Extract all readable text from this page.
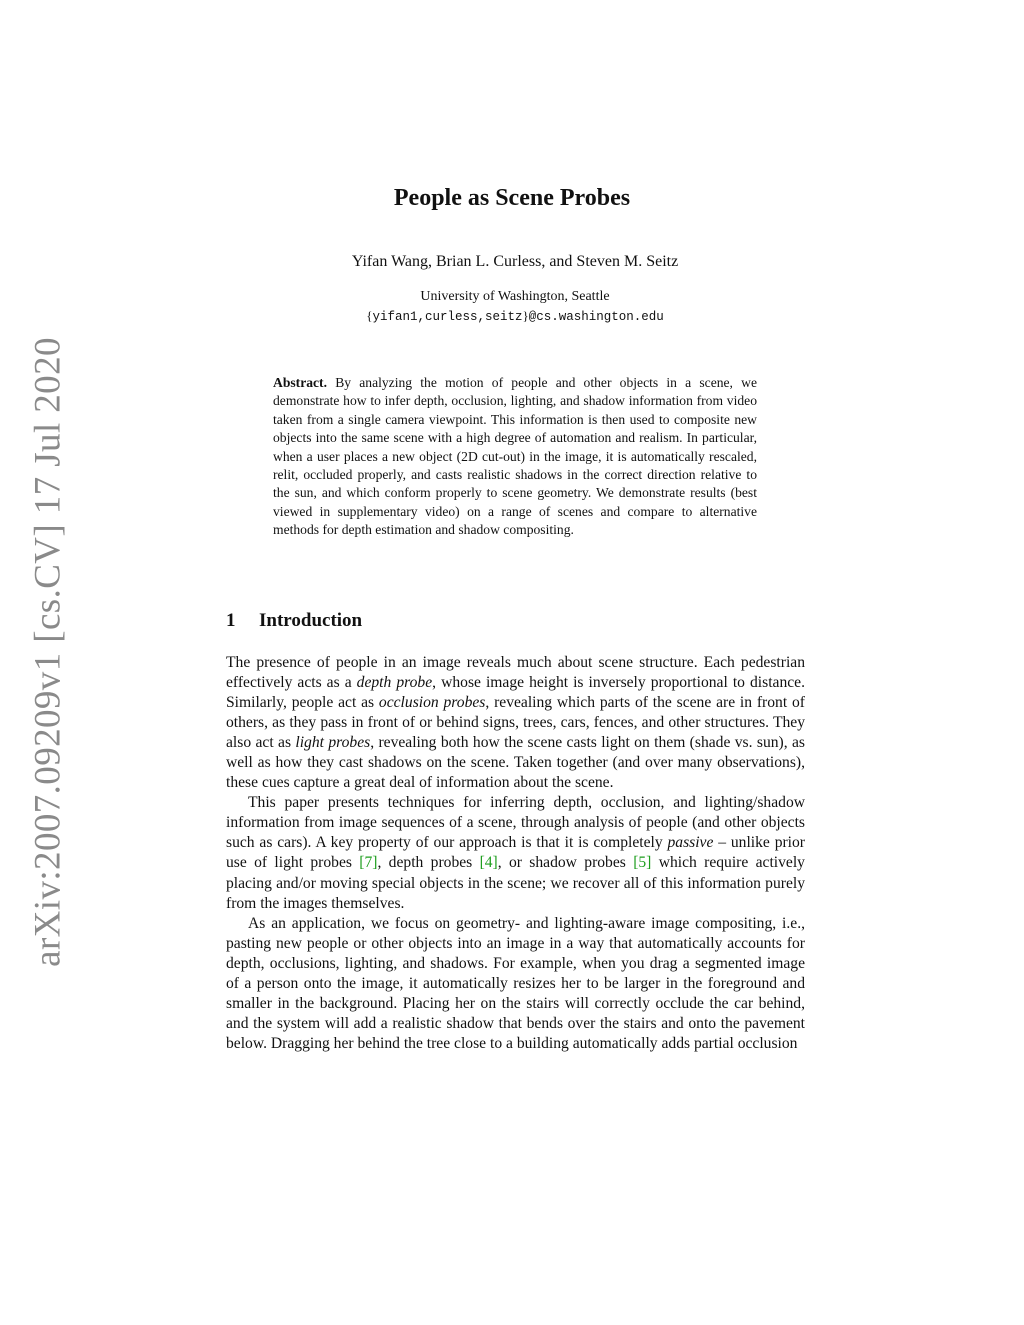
arXiv:2007.09209v1 [cs.CV] 17 Jul 2020
People as Scene Probes
Yifan Wang, Brian L. Curless, and Steven M. Seitz
University of Washington, Seattle
{yifan1,curless,seitz}@cs.washington.edu
Abstract. By analyzing the motion of people and other objects in a scene, we demonstrate how to infer depth, occlusion, lighting, and shadow information from video taken from a single camera viewpoint. This information is then used to composite new objects into the same scene with a high degree of automation and realism. In particular, when a user places a new object (2D cut-out) in the image, it is automatically rescaled, relit, occluded properly, and casts realistic shadows in the correct direction relative to the sun, and which conform properly to scene geometry. We demonstrate results (best viewed in supplementary video) on a range of scenes and compare to alternative methods for depth estimation and shadow compositing.
1 Introduction

The presence of people in an image reveals much about scene structure. Each pedestrian effectively acts as a depth probe, whose image height is inversely proportional to distance. Similarly, people act as occlusion probes, revealing which parts of the scene are in front of others, as they pass in front of or behind signs, trees, cars, fences, and other structures. They also act as light probes, revealing both how the scene casts light on them (shade vs. sun), as well as how they cast shadows on the scene. Taken together (and over many observations), these cues capture a great deal of information about the scene.

This paper presents techniques for inferring depth, occlusion, and lighting/shadow information from image sequences of a scene, through analysis of people (and other objects such as cars). A key property of our approach is that it is completely passive – unlike prior use of light probes [7], depth probes [4], or shadow probes [5] which require actively placing and/or moving special objects in the scene; we recover all of this information purely from the images themselves.

As an application, we focus on geometry- and lighting-aware image compositing, i.e., pasting new people or other objects into an image in a way that automatically accounts for depth, occlusions, lighting, and shadows. For example, when you drag a segmented image of a person onto the image, it automatically resizes her to be larger in the foreground and smaller in the background. Placing her on the stairs will correctly occlude the car behind, and the system will add a realistic shadow that bends over the stairs and onto the pavement below. Dragging her behind the tree close to a building automatically adds partial occlusion
